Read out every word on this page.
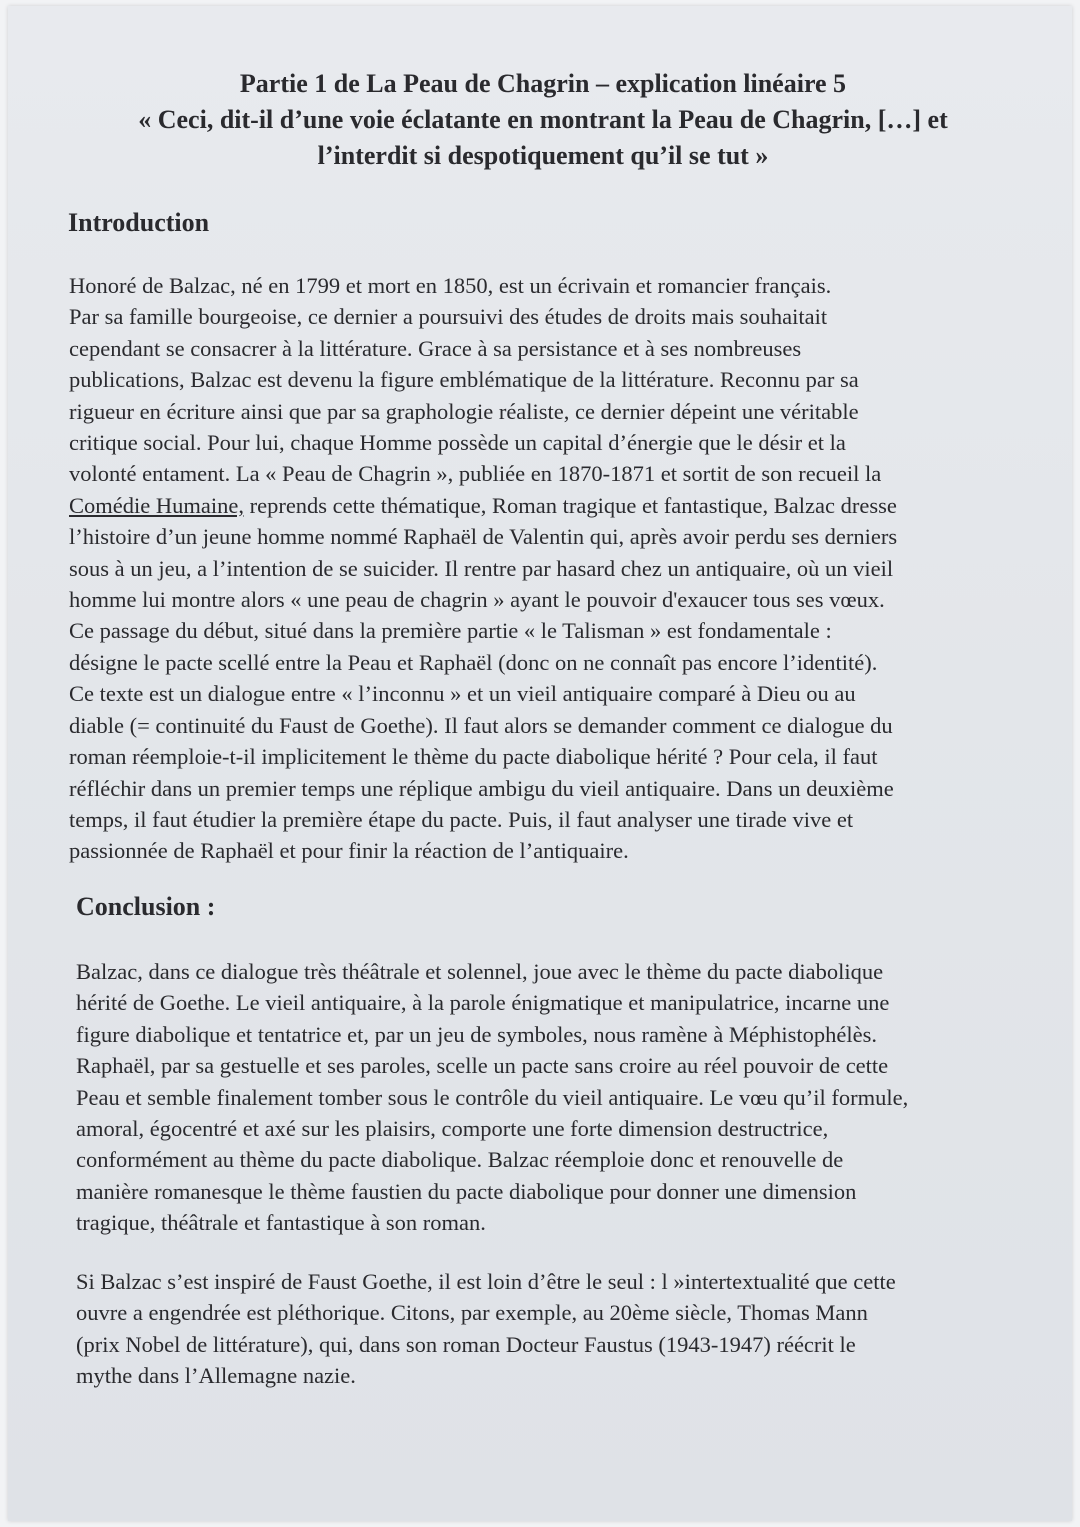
Partie 1 de La Peau de Chagrin – explication linéaire 5
« Ceci, dit-il d’une voie éclatante en montrant la Peau de Chagrin, […] et
l’interdit si despotiquement qu’il se tut »
Introduction
Honoré de Balzac, né en 1799 et mort en 1850, est un écrivain et romancier français.
Par sa famille bourgeoise, ce dernier a poursuivi des études de droits mais souhaitait
cependant se consacrer à la littérature. Grace à sa persistance et à ses nombreuses
publications, Balzac est devenu la figure emblématique de la littérature. Reconnu par sa
rigueur en écriture ainsi que par sa graphologie réaliste, ce dernier dépeint une véritable
critique social. Pour lui, chaque Homme possède un capital d’énergie que le désir et la
volonté entament. La « Peau de Chagrin », publiée en 1870-1871 et sortit de son recueil la
Comédie Humaine, reprends cette thématique, Roman tragique et fantastique, Balzac dresse
l’histoire d’un jeune homme nommé Raphaël de Valentin qui, après avoir perdu ses derniers
sous à un jeu, a l’intention de se suicider. Il rentre par hasard chez un antiquaire, où un vieil
homme lui montre alors « une peau de chagrin » ayant le pouvoir d'exaucer tous ses vœux.
Ce passage du début, situé dans la première partie « le Talisman » est fondamentale :
désigne le pacte scellé entre la Peau et Raphaël (donc on ne connaît pas encore l’identité).
Ce texte est un dialogue entre « l’inconnu » et un vieil antiquaire comparé à Dieu ou au
diable (= continuité du Faust de Goethe). Il faut alors se demander comment ce dialogue du
roman réemploie-t-il implicitement le thème du pacte diabolique hérité ? Pour cela, il faut
réfléchir dans un premier temps une réplique ambigu du vieil antiquaire. Dans un deuxième
temps, il faut étudier la première étape du pacte. Puis, il faut analyser une tirade vive et
passionnée de Raphaël et pour finir la réaction de l’antiquaire.
Conclusion :
Balzac, dans ce dialogue très théâtrale et solennel, joue avec le thème du pacte diabolique
hérité de Goethe. Le vieil antiquaire, à la parole énigmatique et manipulatrice, incarne une
figure diabolique et tentatrice et, par un jeu de symboles, nous ramène à Méphistophélès.
Raphaël, par sa gestuelle et ses paroles, scelle un pacte sans croire au réel pouvoir de cette
Peau et semble finalement tomber sous le contrôle du vieil antiquaire. Le vœu qu’il formule,
amoral, égocentré et axé sur les plaisirs, comporte une forte dimension destructrice,
conformément au thème du pacte diabolique. Balzac réemploie donc et renouvelle de
manière romanesque le thème faustien du pacte diabolique pour donner une dimension
tragique, théâtrale et fantastique à son roman.
Si Balzac s’est inspiré de Faust Goethe, il est loin d’être le seul : l »intertextualité que cette
ouvre a engendrée est pléthorique. Citons, par exemple, au 20ème siècle, Thomas Mann
(prix Nobel de littérature), qui, dans son roman Docteur Faustus (1943-1947) réécrit le
mythe dans l’Allemagne nazie.
